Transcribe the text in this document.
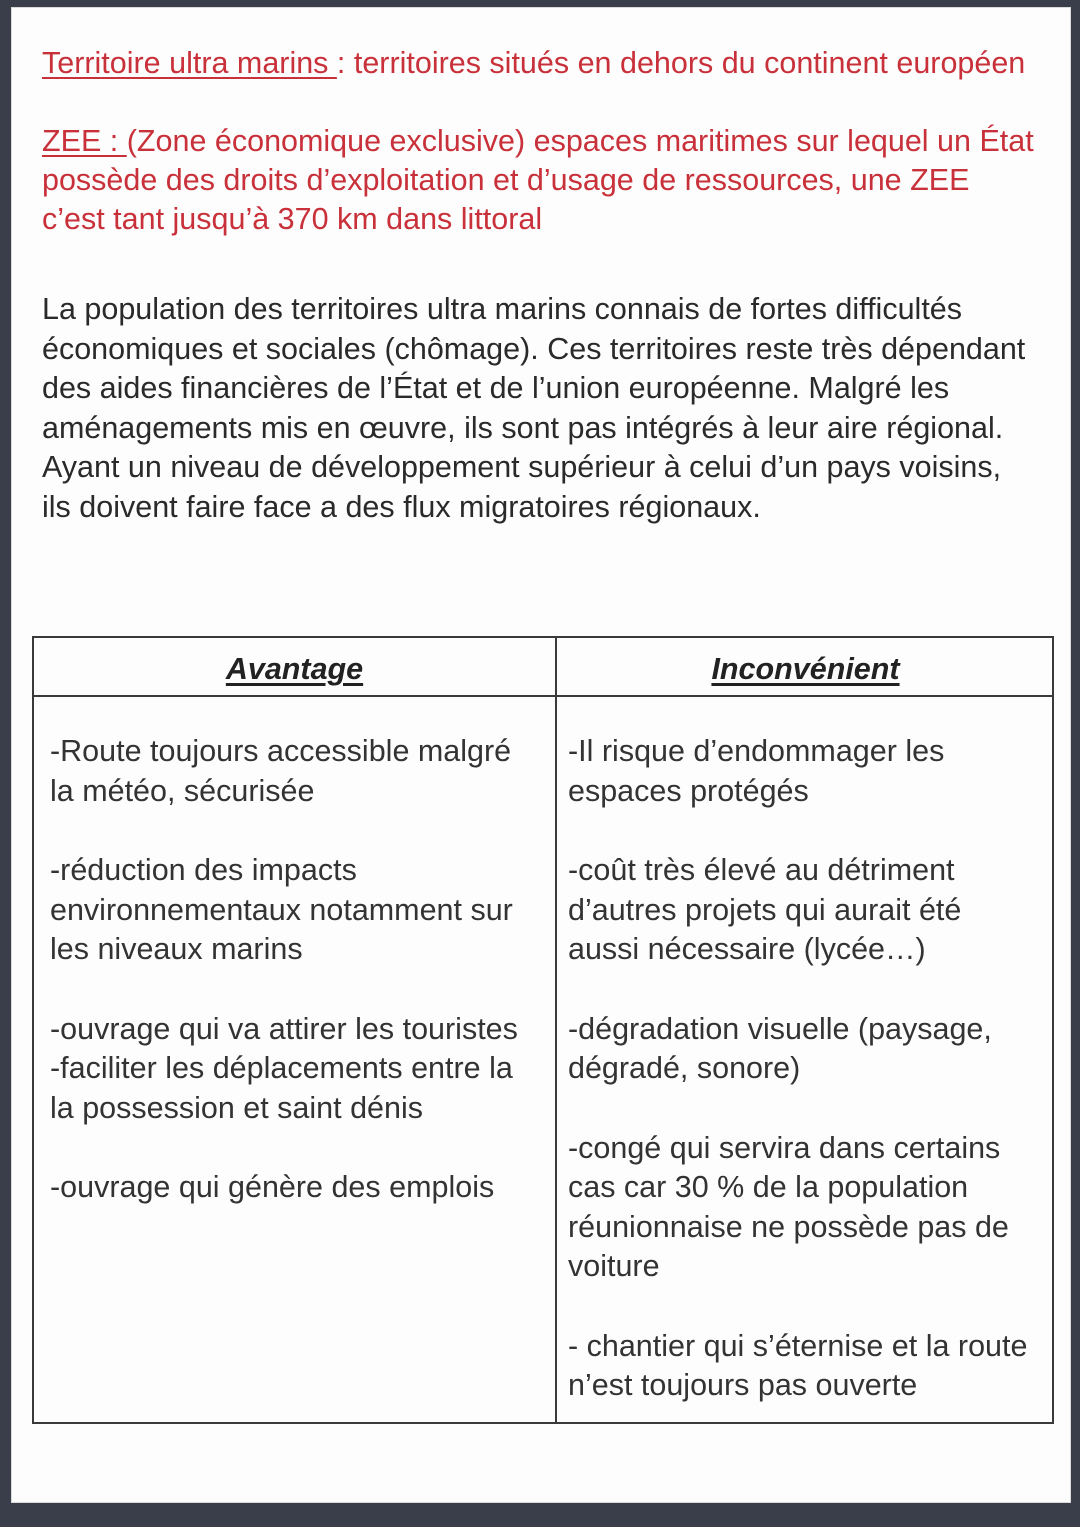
Territoire ultra marins : territoires situés en dehors du continent européen

ZEE : (Zone économique exclusive) espaces maritimes sur lequel un État
possède des droits d’exploitation et d’usage de ressources, une ZEE
c’est tant jusqu’à 370 km dans littoral

La population des territoires ultra marins connais de fortes difficultés
économiques et sociales (chômage). Ces territoires reste très dépendant
des aides financières de l’État et de l’union européenne. Malgré les
aménagements mis en œuvre, ils sont pas intégrés à leur aire régional.
Ayant un niveau de développement supérieur à celui d’un pays voisins,
ils doivent faire face a des flux migratoires régionaux.

Avantage	Inconvénient

-Route toujours accessible malgré
la météo, sécurisée

-réduction des impacts
environnementaux notamment sur
les niveaux marins

-ouvrage qui va attirer les touristes

-faciliter les déplacements entre la
la possession et saint dénis

-ouvrage qui génère des emplois

-Il risque d’endommager les
espaces protégés

-coût très élevé au détriment
d’autres projets qui aurait été
aussi nécessaire (lycée…)

-dégradation visuelle (paysage,
dégradé, sonore)

-congé qui servira dans certains
cas car 30 % de la population
réunionnaise ne possède pas de
voiture

- chantier qui s’éternise et la route
n’est toujours pas ouverte
